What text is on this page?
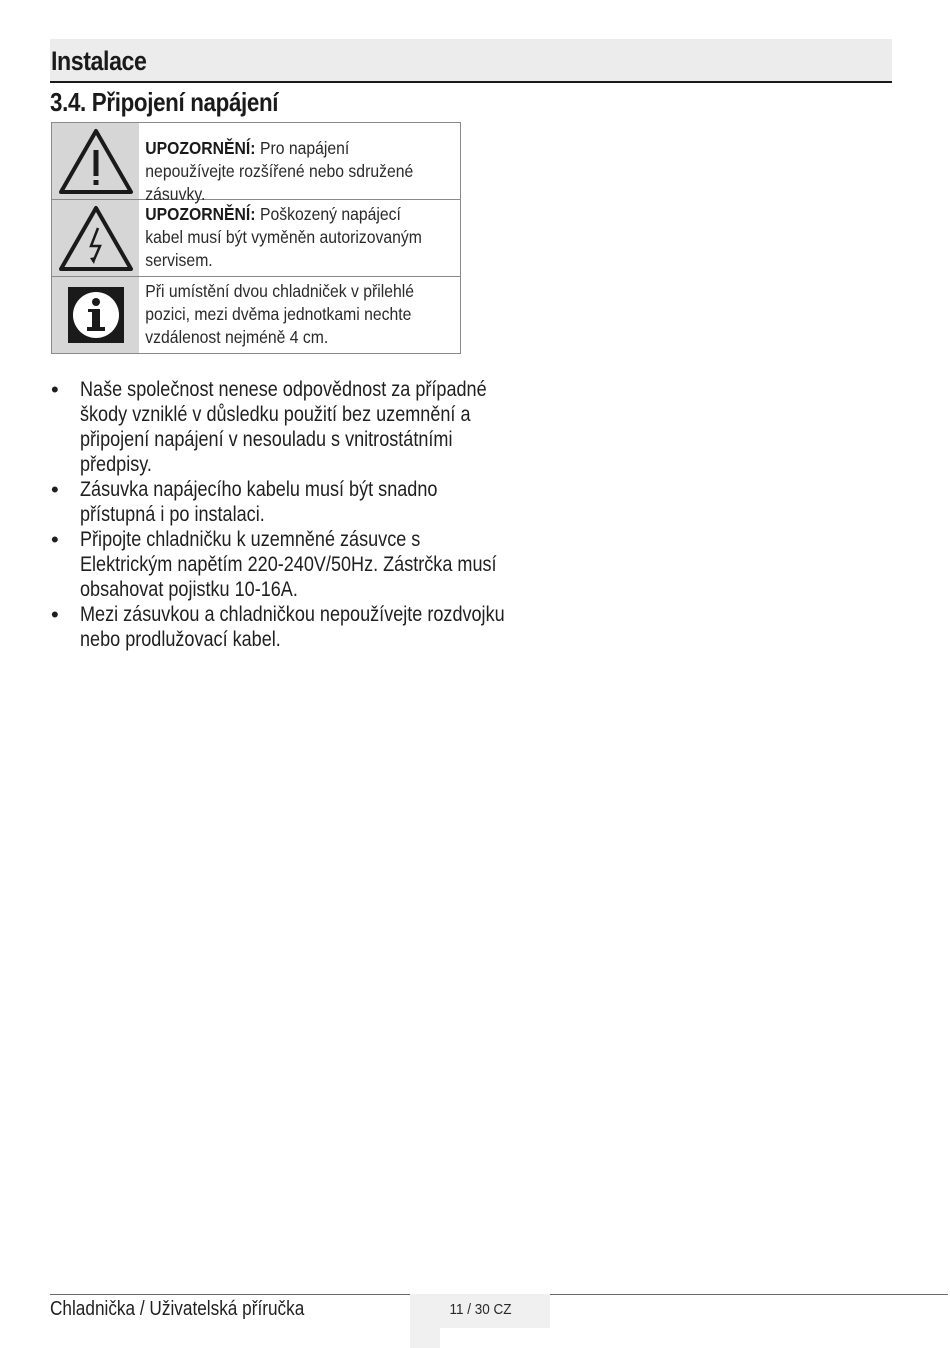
Instalace
3.4. Připojení napájení
UPOZORNĚNÍ: Pro napájení nepoužívejte rozšířené nebo sdružené zásuvky.
UPOZORNĚNÍ: Poškozený napájecí kabel musí být vyměněn autorizovaným servisem.
Při umístění dvou chladniček v přilehlé pozici, mezi dvěma jednotkami nechte vzdálenost nejméně 4 cm.
• Naše společnost nenese odpovědnost za případné škody vzniklé v důsledku použití bez uzemnění a připojení napájení v nesouladu s vnitrostátními předpisy.
• Zásuvka napájecího kabelu musí být snadno přístupná i po instalaci.
• Připojte chladničku k uzemněné zásuvce s Elektrickým napětím 220-240V/50Hz. Zástrčka musí obsahovat pojistku 10-16A.
• Mezi zásuvkou a chladničkou nepoužívejte rozdvojku nebo prodlužovací kabel.
Chladnička / Uživatelská příručka	11 / 30 CZ
